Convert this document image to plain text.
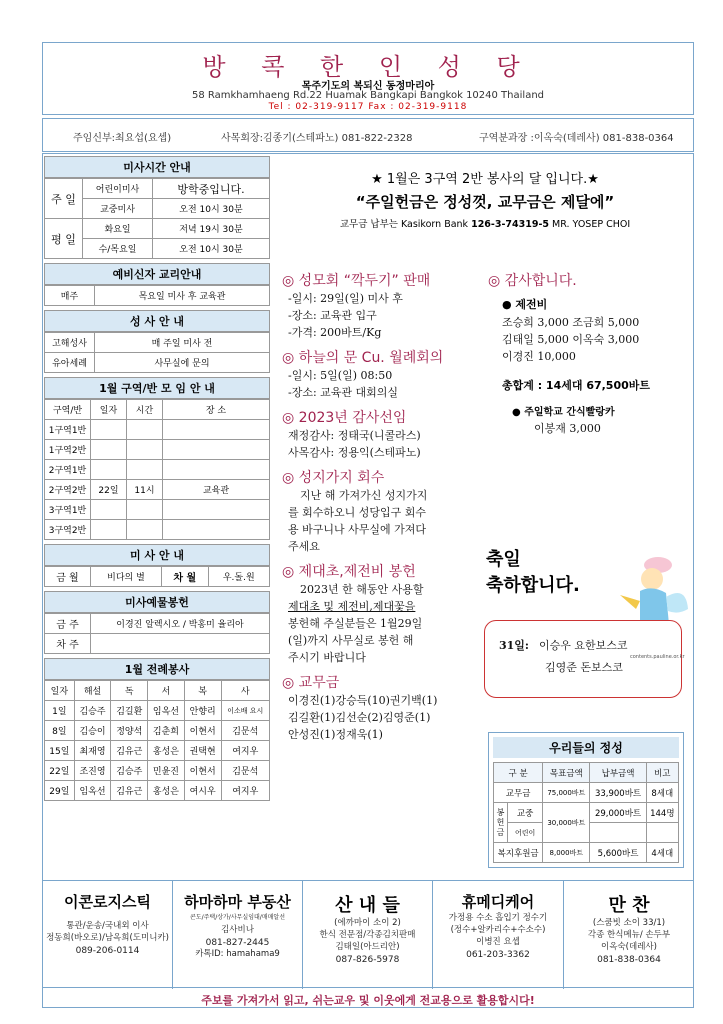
방 콕 한 인 성 당
목주기도의 복되신 동정마리아
58 Ramkhamhaeng Rd.22 Huamak Bangkapi Bangkok 10240 Thailand
Tel : 02-319-9117 Fax : 02-319-9118
주임신부:최요섭(요셉)	사목회장:김종기(스테파노) 081-822-2328	구역분과장 :이옥숙(데레사) 081-838-0364
미사시간 안내
주 일	어린이미사	방학중입니다.
	교중미사	오전 10시 30분
평 일	화요일	저녁 19시 30분
	수/목요일	오전 10시 30분
예비신자 교리안내
매주	목요일 미사 후 교육관
성 사 안 내
고해성사	매 주일 미사 전
유아세례	사무실에 문의
1월 구역/반 모 임 안 내
구역/반	일자	시간	장 소
1구역1반			
1구역2반			
2구역1반			
2구역2반	22일	11시	교육관
3구역1반			
3구역2반			
미 사 안 내
금 월	비다의 별	차 월	우.돌.원
미사예물봉헌
금 주	이경진 알렉시오 / 박홍미 율리아
차 주	
1월 전례봉사
일자	해설	독	서	복	사
1일	김승주	김길환	임옥선	안향리	이소배 요시
8일	김승이	정양석	김춘희	이현서	김문석
15일	최재영	김유근	홍성은	권택현	여지우
22일	조진영	김승주	민윤진	이현서	김문석
29일	임옥선	김유근	홍성은	여시우	여지우
★ 1월은 3구역 2반 봉사의 달 입니다.★
“주일헌금은 정성껏, 교무금은 제달에”
교무금 납부는 Kasikorn Bank 126-3-74319-5 MR. YOSEP CHOI
◎ 성모회 “깍두기” 판매
-일시: 29일(일) 미사 후
-장소: 교육관 입구
-가격: 200바트/Kg
◎ 하늘의 문 Cu. 월례회의
-일시: 5일(일) 08:50
-장소: 교육관 대회의실
◎ 2023년 감사선임
재정감사: 정태국(니콜라스)
사목감사: 정용익(스테파노)
◎ 성지가지 회수
지난 해 가져가신 성지가지
를 회수하오니 성당입구 회수
용 바구니나 사무실에 가져다
주세요
◎ 제대초,제전비 봉헌
2023년 한 해동안 사용할
제대초 및 제전비,제대꽃을
봉헌해 주실분들은 1월29일
(일)까지 사무실로 봉헌 해
주시기 바랍니다
◎ 교무금
이경진(1)강승득(10)권기백(1)
김길환(1)김선순(2)김영준(1)
안성진(1)정재욱(1)
◎ 감사합니다.
● 제전비
조승희 3,000 조금희 5,000
김태일 5,000 이옥숙 3,000
이경진 10,000
총합계 : 14세대 67,500바트
● 주일학교 간식빨랑카
이봉재 3,000
축일
축하합니다.
31일: 이승우 요한보스코
김영준 돈보스코
contents.pauline.or.kr
우리들의 정성
구 분		목표금액	납부금액	비고
교무금		75,000바트	33,900바트	8세대
봉헌금	교중	30,000바트	29,000바트	144명
	어린이			
복지후원금		8,000바트	5,600바트	4세대
이콘로지스틱
통관/운송/국내외 이사
정동희(바오로)/남옥희(도미니카)
089-206-0114
하마하마 부동산
콘도/주택/상가/사무실임대/매매알선
김사비나
081-827-2445
카톡ID: hamahama9
산 내 들
(에까마이 소이 2)
한식 전문점/각종김치판매
김태일(아드리안)
087-826-5978
휴메디케어
가정용 수소 흡입기 정수기
(정수+알카리수+수소수)
이병진 요셉
061-203-3362
만 찬
(스쿰빗 소이 33/1)
각종 한식메뉴/ 손두부
이옥숙(데레사)
081-838-0364
주보를 가져가서 읽고, 쉬는교우 및 이웃에게 전교용으로 활용합시다!
